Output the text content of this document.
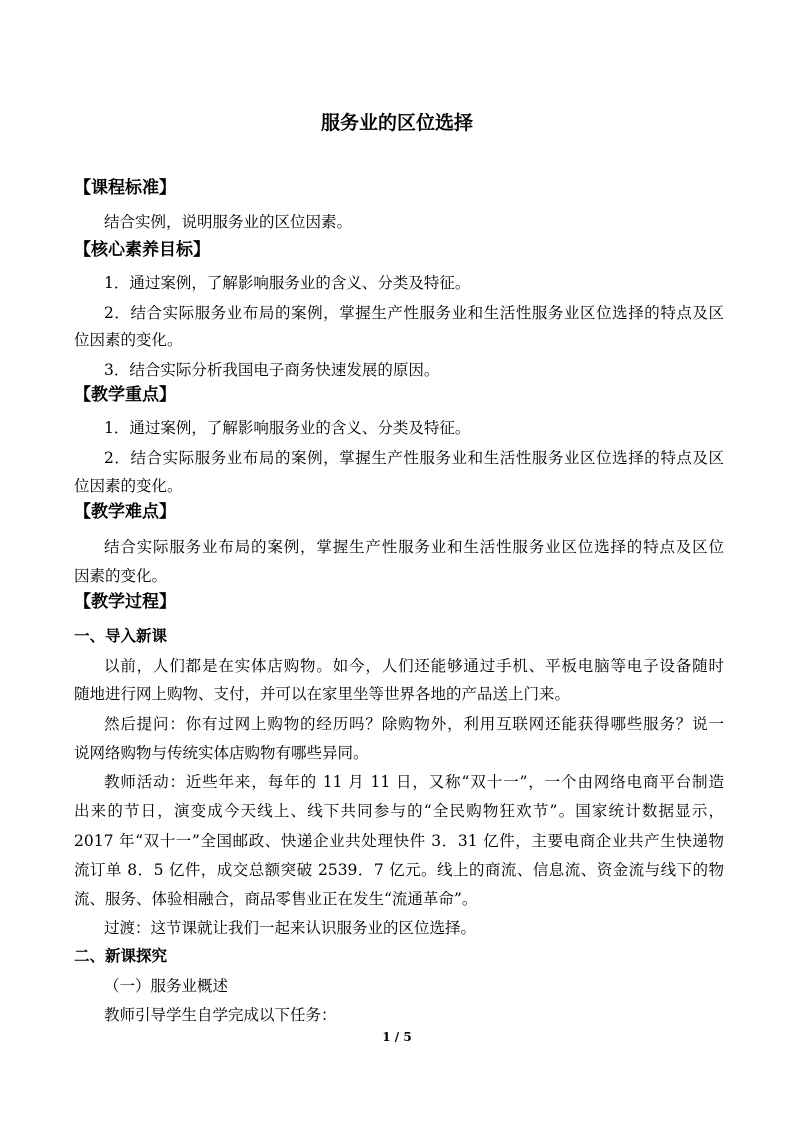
服务业的区位选择
【课程标准】
结合实例，说明服务业的区位因素。
【核心素养目标】
1．通过案例，了解影响服务业的含义、分类及特征。
2．结合实际服务业布局的案例，掌握生产性服务业和生活性服务业区位选择的特点及区
位因素的变化。
3．结合实际分析我国电子商务快速发展的原因。
【教学重点】
1．通过案例，了解影响服务业的含义、分类及特征。
2．结合实际服务业布局的案例，掌握生产性服务业和生活性服务业区位选择的特点及区
位因素的变化。
【教学难点】
结合实际服务业布局的案例，掌握生产性服务业和生活性服务业区位选择的特点及区位
因素的变化。
【教学过程】
一、导入新课
以前，人们都是在实体店购物。如今，人们还能够通过手机、平板电脑等电子设备随时
随地进行网上购物、支付，并可以在家里坐等世界各地的产品送上门来。
然后提问：你有过网上购物的经历吗？除购物外，利用互联网还能获得哪些服务？说一
说网络购物与传统实体店购物有哪些异同。
教师活动：近些年来，每年的 11 月 11 日，又称“双十一”，一个由网络电商平台制造
出来的节日，演变成今天线上、线下共同参与的“全民购物狂欢节”。国家统计数据显示，
2017 年“双十一”全国邮政、快递企业共处理快件 3．31 亿件，主要电商企业共产生快递物
流订单 8．5 亿件，成交总额突破 2539．7 亿元。线上的商流、信息流、资金流与线下的物
流、服务、体验相融合，商品零售业正在发生“流通革命”。
过渡：这节课就让我们一起来认识服务业的区位选择。
二、新课探究
（一）服务业概述
教师引导学生自学完成以下任务：
1 / 5
